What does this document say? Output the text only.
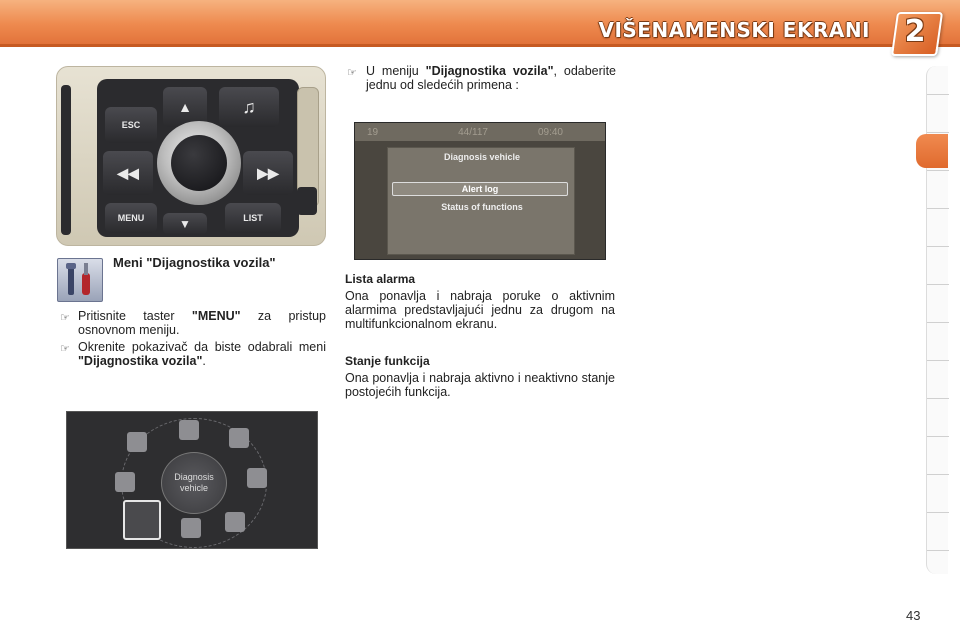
VIŠENAMENSKI EKRANI 2
ESC
▲	♫
◀◀	▶▶
MENU	▼	LIST
Meni "Dijagnostika vozila"
☞ Pritisnite taster "MENU" za pristup osnovnom meniju.
☞ Okrenite pokazivač da biste odabrali meni "Dijagnostika vozila".
Diagnosis vehicle
☞ U meniju "Dijagnostika vozila", odaberite jednu od sledećih primena :
19	44/117	09:40
Diagnosis vehicle
Alert log
Status of functions
Lista alarma
Ona ponavlja i nabraja poruke o aktivnim alarmima predstavljajući jednu za drugom na multifunkcionalnom ekranu.
Stanje funkcija
Ona ponavlja i nabraja aktivno i neaktivno stanje postojećih funkcija.
43
